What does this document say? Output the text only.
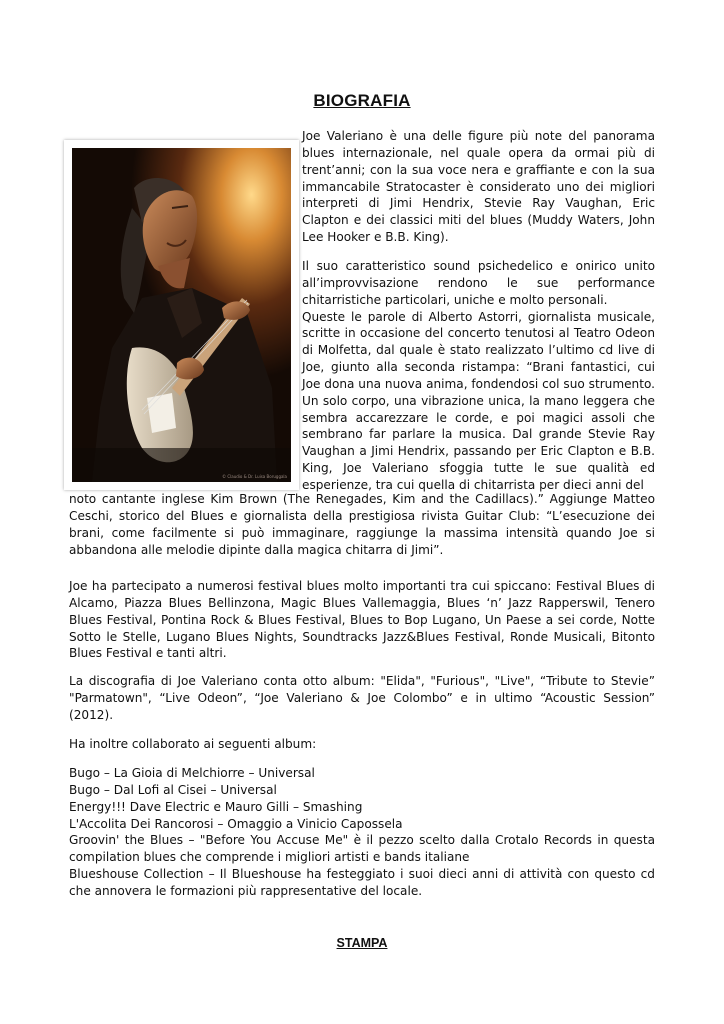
BIOGRAFIA
© Claudio & Dr. Luisa Boruggala

Joe Valeriano è una delle figure più note del panorama blues internazionale, nel quale opera da ormai più di trent’anni; con la sua voce nera e graffiante e con la sua immancabile Stratocaster è considerato uno dei migliori interpreti di Jimi Hendrix, Stevie Ray Vaughan, Eric Clapton e dei classici miti del blues (Muddy Waters, John Lee Hooker e B.B. King).

Il suo caratteristico sound psichedelico e onirico unito all’improvvisazione rendono le sue performance chitarristiche particolari, uniche e molto personali.

Queste le parole di Alberto Astorri, giornalista musicale, scritte in occasione del concerto tenutosi al Teatro Odeon di Molfetta, dal quale è stato realizzato l’ultimo cd live di Joe, giunto alla seconda ristampa: “Brani fantastici, cui Joe dona una nuova anima, fondendosi col suo strumento. Un solo corpo, una vibrazione unica, la mano leggera che sembra accarezzare le corde, e poi magici assoli che sembrano far parlare la musica. Dal grande Stevie Ray Vaughan a Jimi Hendrix, passando per Eric Clapton e B.B. King, Joe Valeriano sfoggia tutte le sue qualità ed esperienze, tra cui quella di chitarrista per dieci anni del

noto cantante inglese Kim Brown (The Renegades, Kim and the Cadillacs).” Aggiunge Matteo Ceschi, storico del Blues e giornalista della prestigiosa rivista Guitar Club: “L’esecuzione dei brani, come facilmente si può immaginare, raggiunge la massima intensità quando Joe si abbandona alle melodie dipinte dalla magica chitarra di Jimi”.

Joe ha partecipato a numerosi festival blues molto importanti tra cui spiccano: Festival Blues di Alcamo, Piazza Blues Bellinzona, Magic Blues Vallemaggia, Blues ‘n’ Jazz Rapperswil, Tenero Blues Festival, Pontina Rock & Blues Festival, Blues to Bop Lugano, Un Paese a sei corde, Notte Sotto le Stelle, Lugano Blues Nights, Soundtracks Jazz&Blues Festival, Ronde Musicali, Bitonto Blues Festival e tanti altri.

La discografia di Joe Valeriano conta otto album: "Elida", "Furious", "Live", “Tribute to Stevie” "Parmatown", “Live Odeon”, “Joe Valeriano & Joe Colombo” e in ultimo “Acoustic Session” (2012).

Ha inoltre collaborato ai seguenti album:

Bugo – La Gioia di Melchiorre – Universal
Bugo – Dal Lofi al Cisei – Universal
Energy!!! Dave Electric e Mauro Gilli – Smashing
L'Accolita Dei Rancorosi – Omaggio a Vinicio Capossela
Groovin' the Blues – "Before You Accuse Me" è il pezzo scelto dalla Crotalo Records in questa compilation blues che comprende i migliori artisti e bands italiane
Blueshouse Collection – Il Blueshouse ha festeggiato i suoi dieci anni di attività con questo cd che annovera le formazioni più rappresentative del locale.
STAMPA
